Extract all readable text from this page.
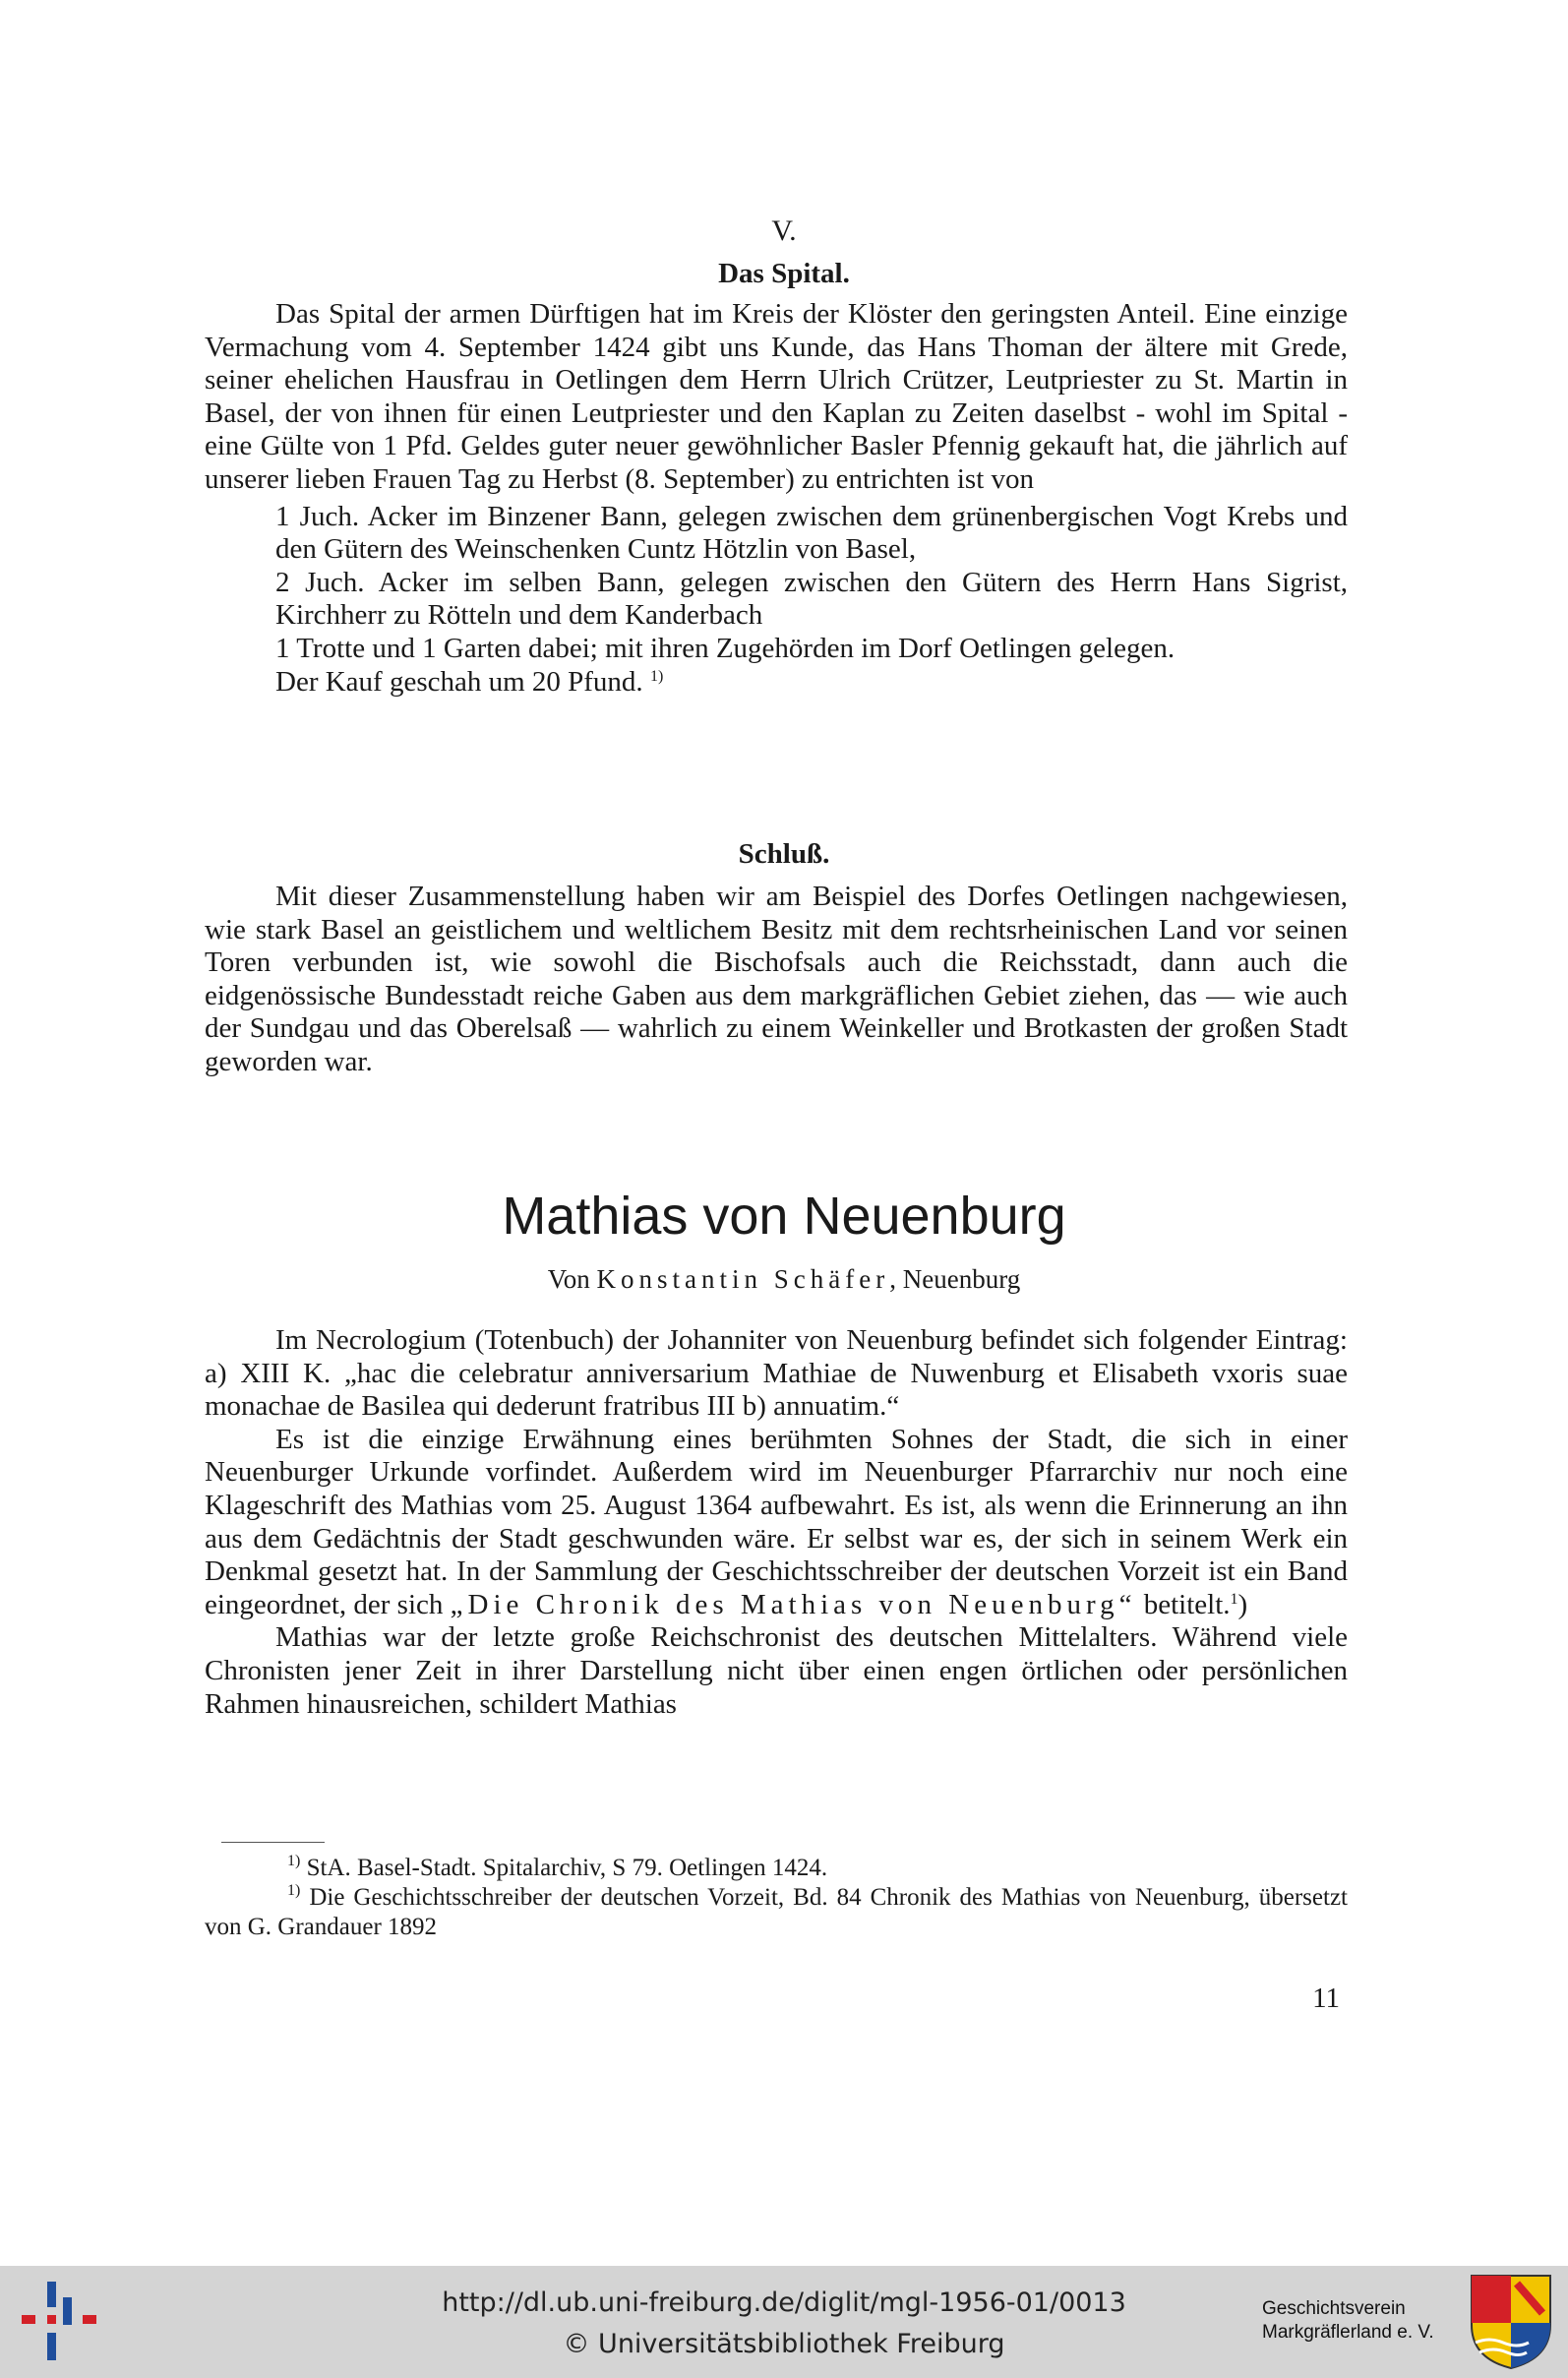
V.
Das Spital.

Das Spital der armen Dürftigen hat im Kreis der Klöster den geringsten Anteil. Eine einzige Vermachung vom 4. September 1424 gibt uns Kunde, das Hans Thoman der ältere mit Grede, seiner ehelichen Hausfrau in Oetlingen dem Herrn Ulrich Crützer, Leutpriester zu St. Martin in Basel, der von ihnen für einen Leutpriester und den Kaplan zu Zeiten daselbst - wohl im Spital - eine Gülte von 1 Pfd. Geldes guter neuer gewöhnlicher Basler Pfennig gekauft hat, die jährlich auf unserer lieben Frauen Tag zu Herbst (8. September) zu entrichten ist von

1 Juch. Acker im Binzener Bann, gelegen zwischen dem grünenbergischen Vogt Krebs und den Gütern des Weinschenken Cuntz Hötzlin von Basel,

2 Juch. Acker im selben Bann, gelegen zwischen den Gütern des Herrn Hans Sigrist, Kirchherr zu Rötteln und dem Kanderbach

1 Trotte und 1 Garten dabei; mit ihren Zugehörden im Dorf Oetlingen gelegen.

Der Kauf geschah um 20 Pfund. $^{1)}$

Schluß.

Mit dieser Zusammenstellung haben wir am Beispiel des Dorfes Oetlingen nachgewiesen, wie stark Basel an geistlichem und weltlichem Besitz mit dem rechtsrheinischen Land vor seinen Toren verbunden ist, wie sowohl die Bischofsals auch die Reichsstadt, dann auch die eidgenössische Bundesstadt reiche Gaben aus dem markgräflichen Gebiet ziehen, das — wie auch der Sundgau und das Oberelsaß — wahrlich zu einem Weinkeller und Brotkasten der großen Stadt geworden war.

Mathias von Neuenburg
Von Konstantin Schäfer, Neuenburg

Im Necrologium (Totenbuch) der Johanniter von Neuenburg befindet sich folgender Eintrag: a) XIII K. „hac die celebratur anniversarium Mathiae de Nuwenburg et Elisabeth vxoris suae monachae de Basilea qui dederunt fratribus III b) annuatim.“

Es ist die einzige Erwähnung eines berühmten Sohnes der Stadt, die sich in einer Neuenburger Urkunde vorfindet. Außerdem wird im Neuenburger Pfarrarchiv nur noch eine Klageschrift des Mathias vom 25. August 1364 aufbewahrt. Es ist, als wenn die Erinnerung an ihn aus dem Gedächtnis der Stadt geschwunden wäre. Er selbst war es, der sich in seinem Werk ein Denkmal gesetzt hat. In der Sammlung der Geschichtsschreiber der deutschen Vorzeit ist ein Band eingeordnet, der sich „Die Chronik des Mathias von Neuenburg“ betitelt.$^1$)

Mathias war der letzte große Reichschronist des deutschen Mittelalters. Während viele Chronisten jener Zeit in ihrer Darstellung nicht über einen engen örtlichen oder persönlichen Rahmen hinausreichen, schildert Mathias

$^{1)}$ StA. Basel-Stadt. Spitalarchiv, S 79. Oetlingen 1424.

$^{1)}$ Die Geschichtsschreiber der deutschen Vorzeit, Bd. 84 Chronik des Mathias von Neuenburg, übersetzt von G. Grandauer 1892

11
http://dl.ub.uni-freiburg.de/diglit/mgl-1956-01/0013
© Universitätsbibliothek Freiburg
Geschichtsverein
Markgräflerland e. V.
